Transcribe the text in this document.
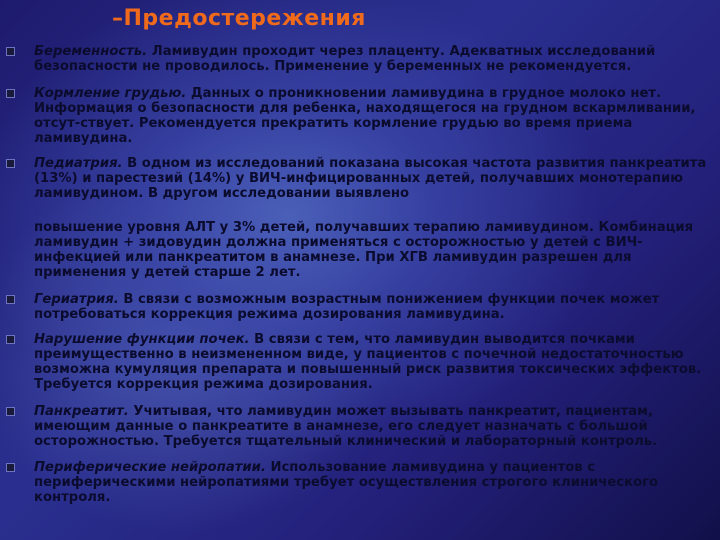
–Предостережения
Беременность. Ламивудин проходит через плаценту. Адекватных исследований безопасности не проводилось. Применение у беременных не рекомендуется.
Кормление грудью. Данных о проникновении ламивудина в грудное молоко нет. Информация о безопасности для ребенка, находящегося на грудном вскармливании, отсут-ствует. Рекомендуется прекратить кормление грудью во время приема ламивудина.
Педиатрия. В одном из исследований показана высокая частота развития панкреатита (13%) и парестезий (14%) у ВИЧ-инфицированных детей, получавших монотерапию ламивудином. В другом исследовании выявлено
повышение уровня АЛТ у 3% детей, получавших терапию ламивудином. Комбинация ламивудин + зидовудин должна применяться с осторожностью у детей с ВИЧ-инфекцией или панкреатитом в анамнезе. При ХГВ ламивудин разрешен для применения у детей старше 2 лет.
Гериатрия. В связи с возможным возрастным понижением функции почек может потребоваться коррекция режима дозирования ламивудина.
Нарушение функции почек. В связи с тем, что ламивудин выводится почками преимущественно в неизмененном виде, у пациентов с почечной недостаточностью возможна кумуляция препарата и повышенный риск развития токсических эффектов. Требуется коррекция режима дозирования.
Панкреатит. Учитывая, что ламивудин может вызывать панкреатит, пациентам, имеющим данные о панкреатите в анамнезе, его следует назначать с большой осторожностью. Требуется тщательный клинический и лабораторный контроль.
Периферические нейропатии. Использование ламивудина у пациентов с периферическими нейропатиями требует осуществления строгого клинического контроля.
